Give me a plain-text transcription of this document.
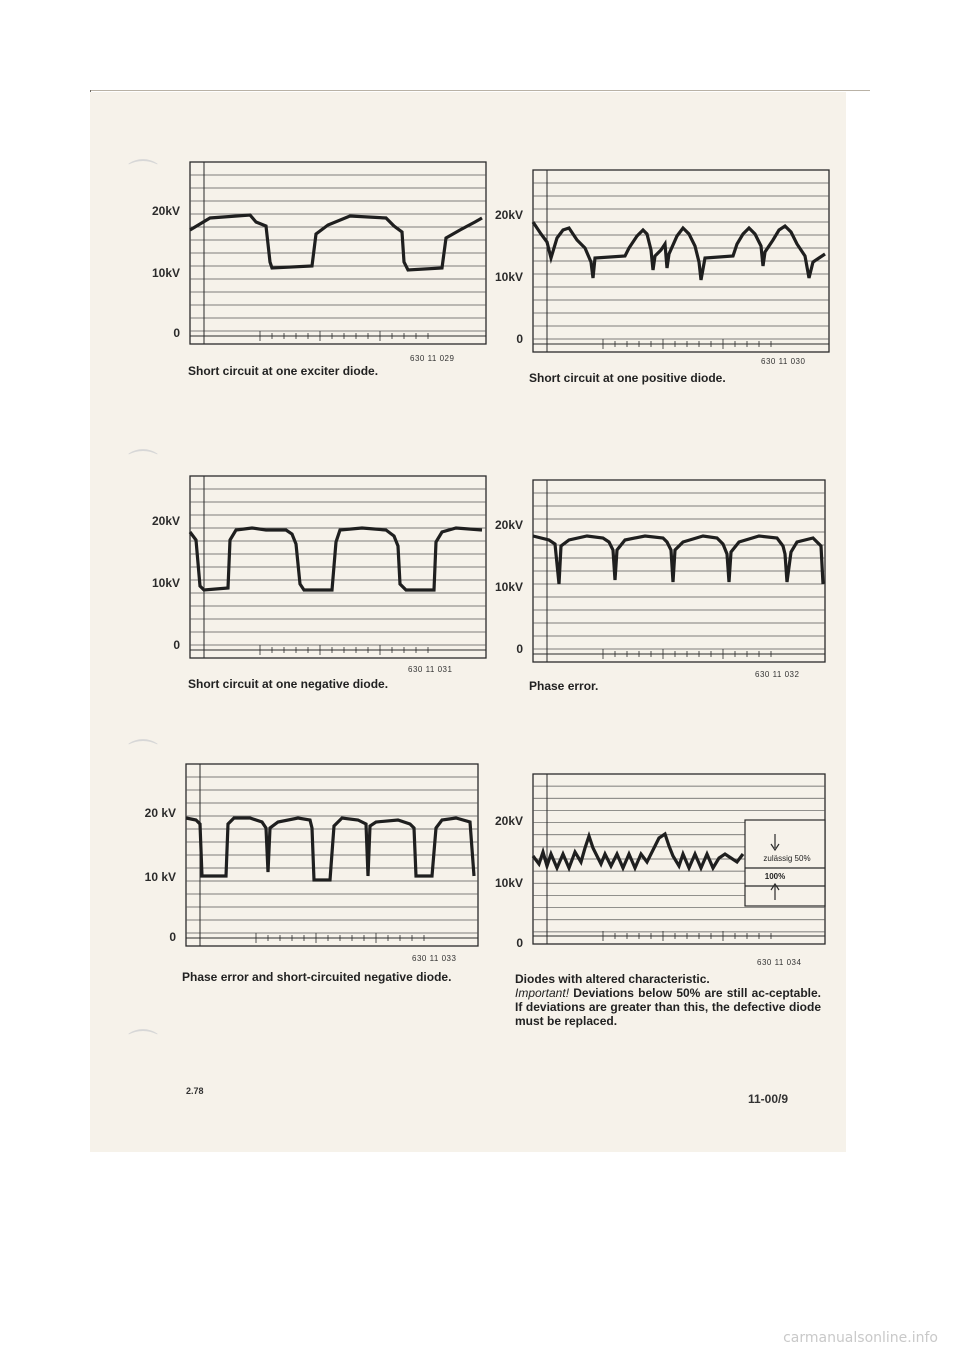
20kV
10kV
0
630 11 029
Short circuit at one exciter diode.
20kV
10kV
0
630 11 030
Short circuit at one positive diode.
20kV
10kV
0
630 11 031
Short circuit at one negative diode.
20kV
10kV
0
630 11 032
Phase error.
20 kV
10 kV
0
630 11 033
Phase error and short-circuited negative diode.
zulässig 50%
100%
20kV
10kV
0
630 11 034
Diodes with altered characteristic.
Important! Deviations below 50% are still ac-ceptable. If deviations are greater than this, the defective diode must be replaced.
2.78
11-00/9
carmanualsonline.info
⌒
⌒
⌒
⌒
